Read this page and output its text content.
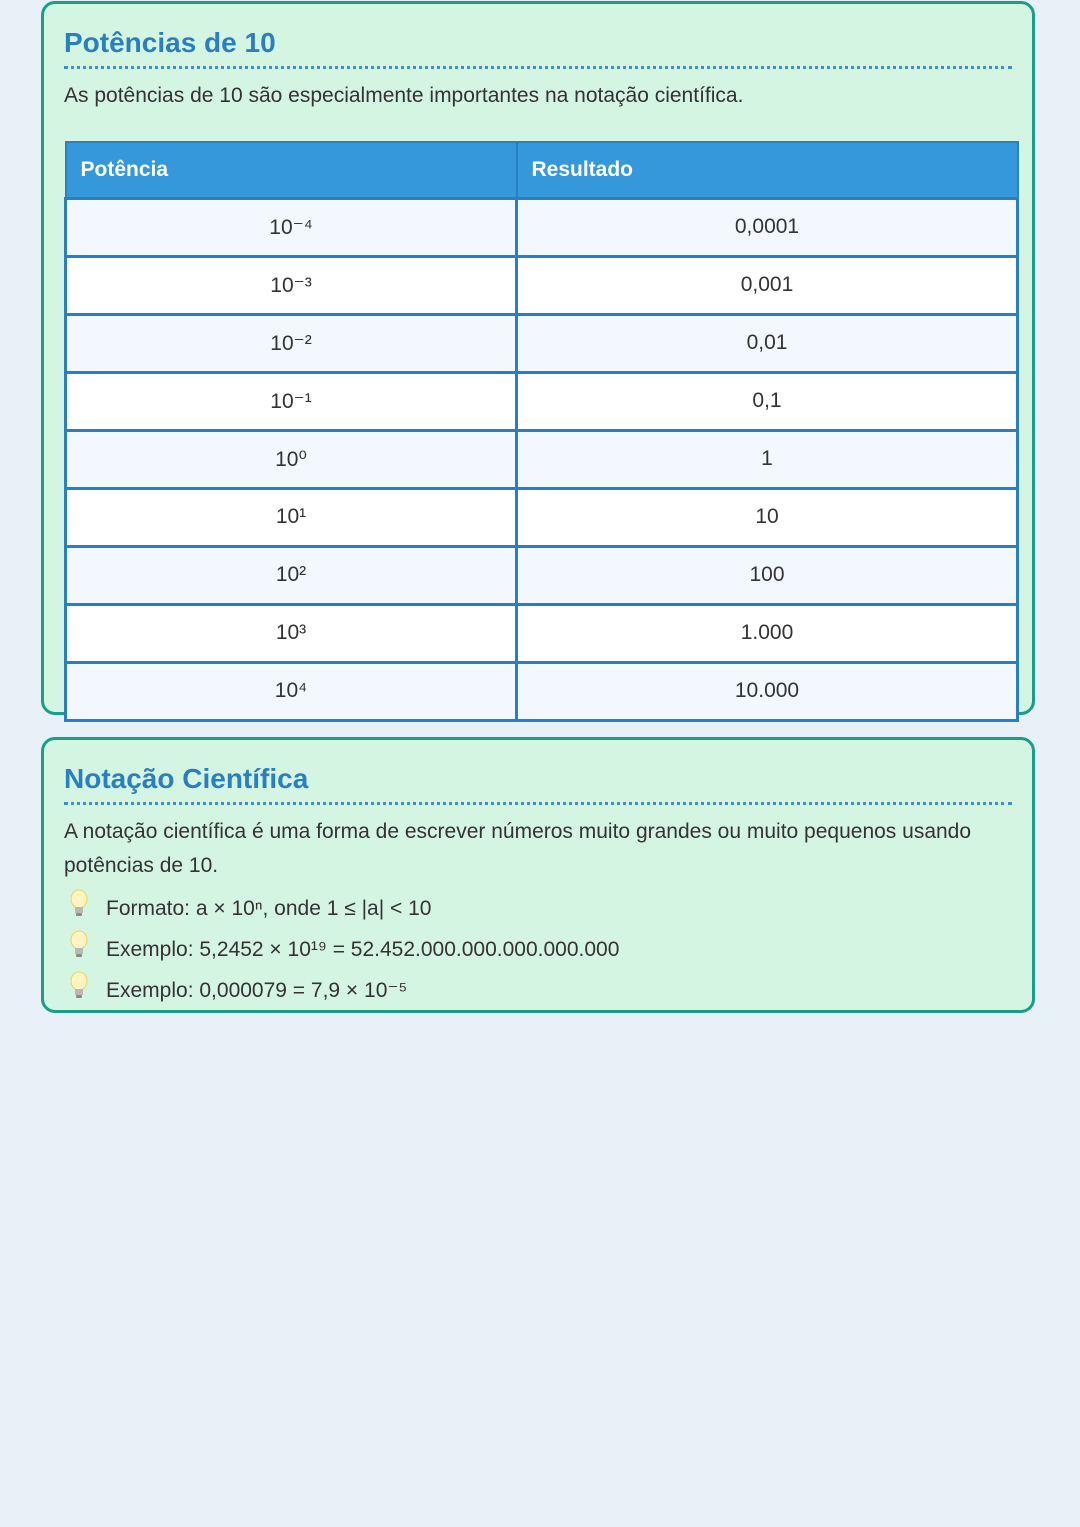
Potências de 10

As potências de 10 são especialmente importantes na notação científica.

Potência	Resultado
10⁻⁴	0,0001
10⁻³	0,001
10⁻²	0,01
10⁻¹	0,1
10⁰	1
10¹	10
10²	100
10³	1.000
10⁴	10.000
Notação Científica

A notação científica é uma forma de escrever números muito grandes ou muito pequenos usando potências de 10.

Formato: a × 10ⁿ, onde 1 ≤ |a| < 10
Exemplo: 5,2452 × 10¹⁹ = 52.452.000.000.000.000.000
Exemplo: 0,000079 = 7,9 × 10⁻⁵
